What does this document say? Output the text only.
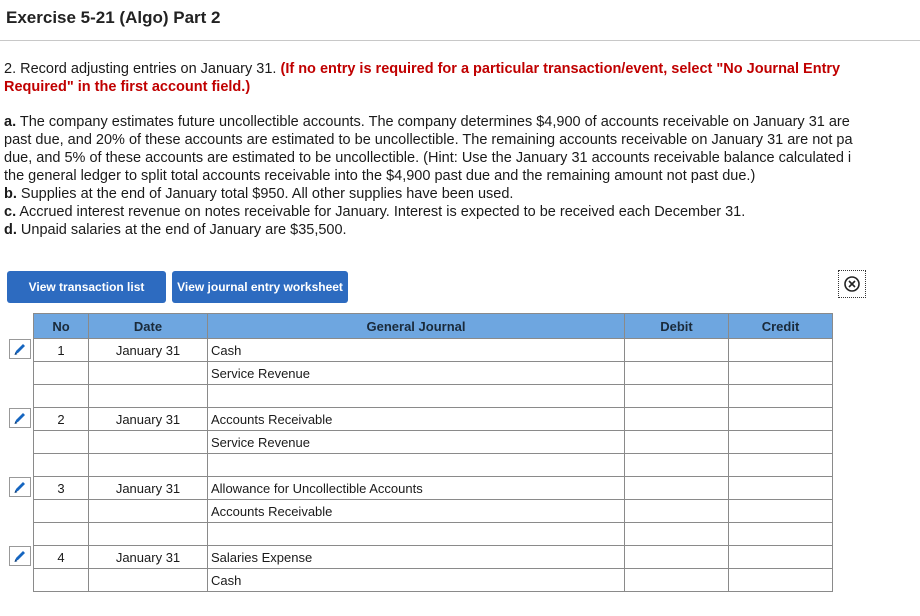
Exercise 5-21 (Algo) Part 2
2. Record adjusting entries on January 31. (If no entry is required for a particular transaction/event, select "No Journal Entry Required" in the first account field.)
a. The company estimates future uncollectible accounts. The company determines $4,900 of accounts receivable on January 31 are
past due, and 20% of these accounts are estimated to be uncollectible. The remaining accounts receivable on January 31 are not pa
due, and 5% of these accounts are estimated to be uncollectible. (Hint: Use the January 31 accounts receivable balance calculated i
the general ledger to split total accounts receivable into the $4,900 past due and the remaining amount not past due.)
b. Supplies at the end of January total $950. All other supplies have been used.
c. Accrued interest revenue on notes receivable for January. Interest is expected to be received each December 31.
d. Unpaid salaries at the end of January are $35,500.
View transaction list	View journal entry worksheet
No	Date	General Journal	Debit	Credit
1	January 31	Cash		
		Service Revenue		

2	January 31	Accounts Receivable		
		Service Revenue		

3	January 31	Allowance for Uncollectible Accounts		
		Accounts Receivable		

4	January 31	Salaries Expense		
		Cash		
